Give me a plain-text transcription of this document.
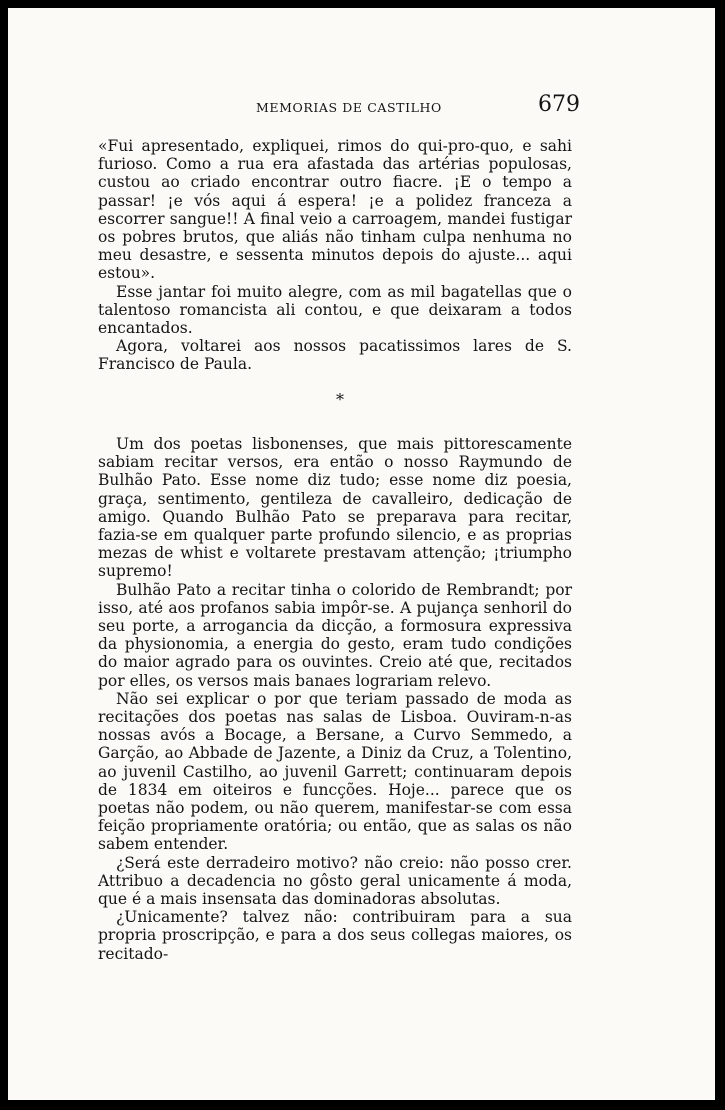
MEMORIAS DE CASTILHO	679

«Fui apresentado, expliquei, rimos do qui-pro-quo, e sahi furioso. Como a rua era afastada das artérias populosas, custou ao criado encontrar outro fiacre. ¡E o tempo a passar! ¡e vós aqui á espera! ¡e a polidez franceza a escorrer sangue!! A final veio a carroagem, mandei fustigar os pobres brutos, que aliás não tinham culpa nenhuma no meu desastre, e sessenta minutos depois do ajuste... aqui estou».

Esse jantar foi muito alegre, com as mil bagatellas que o talentoso romancista ali contou, e que deixaram a todos encantados.

Agora, voltarei aos nossos pacatissimos lares de S. Francisco de Paula.

*

Um dos poetas lisbonenses, que mais pittorescamente sabiam recitar versos, era então o nosso Raymundo de Bulhão Pato. Esse nome diz tudo; esse nome diz poesia, graça, sentimento, gentileza de cavalleiro, dedicação de amigo. Quando Bulhão Pato se preparava para recitar, fazia-se em qualquer parte profundo silencio, e as proprias mezas de whist e voltarete prestavam attenção; ¡triumpho supremo!

Bulhão Pato a recitar tinha o colorido de Rembrandt; por isso, até aos profanos sabia impôr-se. A pujança senhoril do seu porte, a arrogancia da dicção, a formosura expressiva da physionomia, a energia do gesto, eram tudo condições do maior agrado para os ouvintes. Creio até que, recitados por elles, os versos mais banaes lograriam relevo.

Não sei explicar o por que teriam passado de moda as recitações dos poetas nas salas de Lisboa. Ouviram-n-as nossas avós a Bocage, a Bersane, a Curvo Semmedo, a Garção, ao Abbade de Jazente, a Diniz da Cruz, a Tolentino, ao juvenil Castilho, ao juvenil Garrett; continuaram depois de 1834 em oiteiros e funcções. Hoje... parece que os poetas não podem, ou não querem, manifestar-se com essa feição propriamente oratória; ou então, que as salas os não sabem entender.

¿Será este derradeiro motivo? não creio: não posso crer. Attribuo a decadencia no gôsto geral unicamente á moda, que é a mais insensata das dominadoras absolutas.

¿Unicamente? talvez não: contribuiram para a sua propria proscripção, e para a dos seus collegas maiores, os recitado-
